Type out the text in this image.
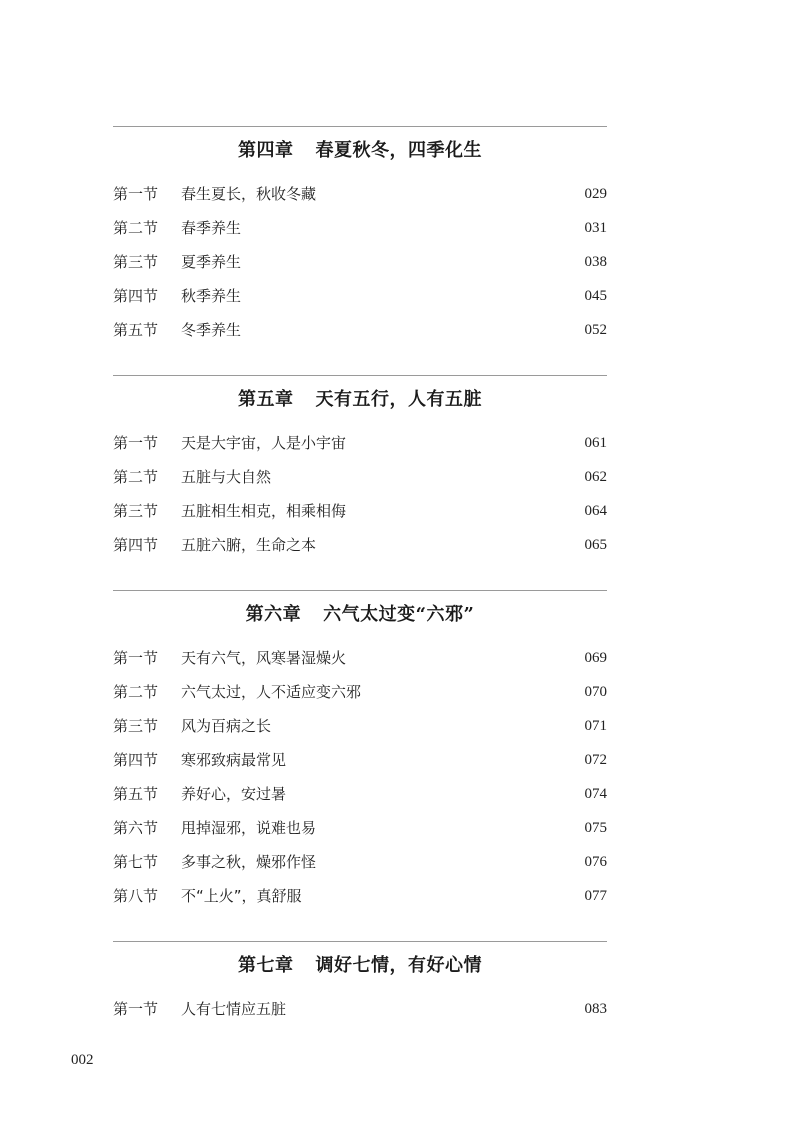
第四章 春夏秋冬，四季化生
第一节	春生夏长，秋收冬藏	029
第二节	春季养生	031
第三节	夏季养生	038
第四节	秋季养生	045
第五节	冬季养生	052
第五章 天有五行，人有五脏
第一节	天是大宇宙，人是小宇宙	061
第二节	五脏与大自然	062
第三节	五脏相生相克，相乘相侮	064
第四节	五脏六腑，生命之本	065
第六章 六气太过变“六邪”
第一节	天有六气，风寒暑湿燥火	069
第二节	六气太过，人不适应变六邪	070
第三节	风为百病之长	071
第四节	寒邪致病最常见	072
第五节	养好心，安过暑	074
第六节	甩掉湿邪，说难也易	075
第七节	多事之秋，燥邪作怪	076
第八节	不“上火”，真舒服	077
第七章 调好七情，有好心情
第一节	人有七情应五脏	083
002
